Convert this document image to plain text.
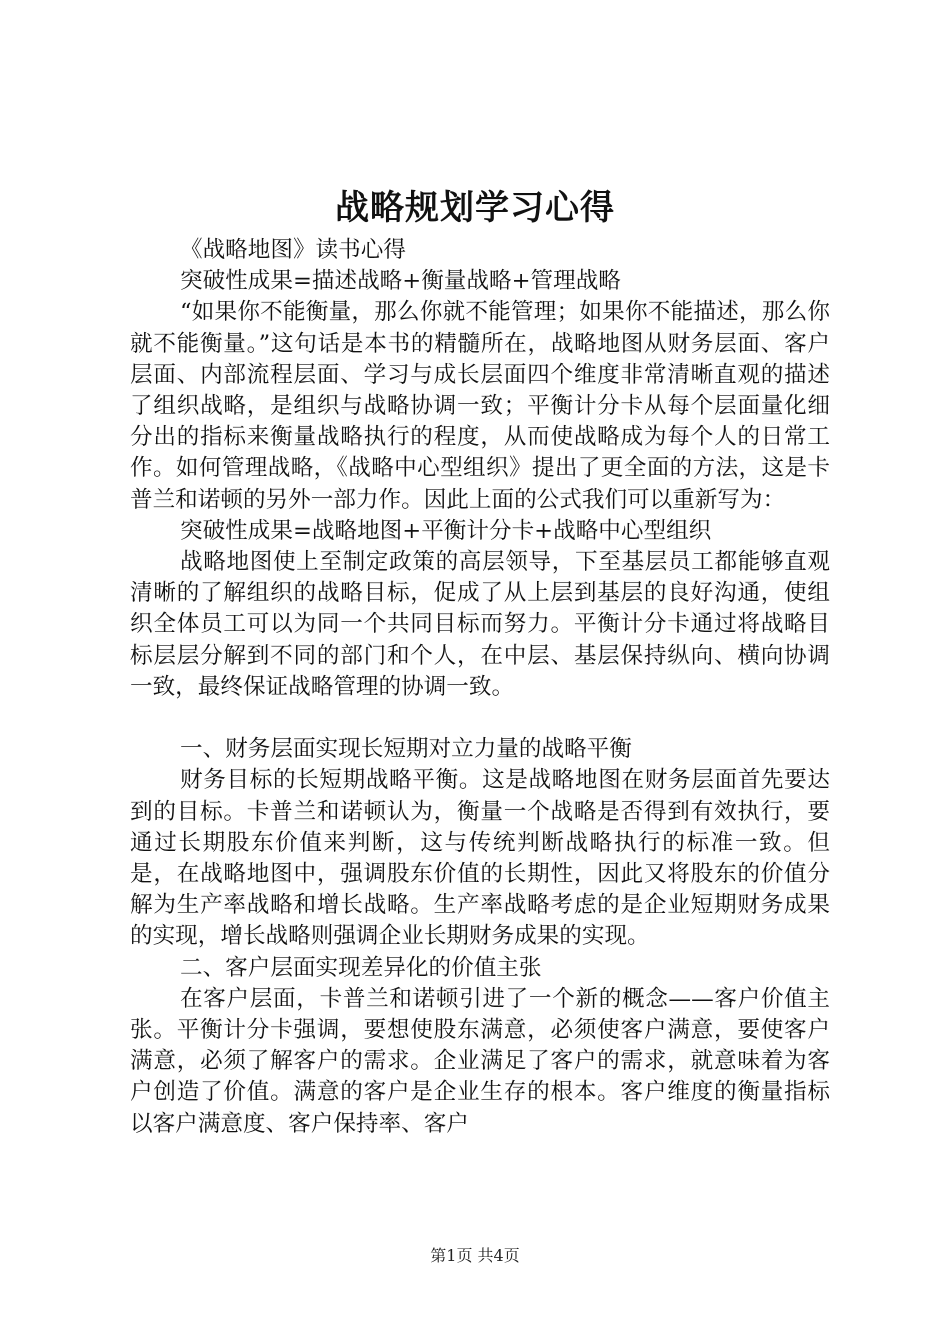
战略规划学习心得

《战略地图》读书心得

突破性成果=描述战略+衡量战略+管理战略

“如果你不能衡量，那么你就不能管理；如果你不能描述，那么你就不能衡量。”这句话是本书的精髓所在，战略地图从财务层面、客户层面、内部流程层面、学习与成长层面四个维度非常清晰直观的描述了组织战略，是组织与战略协调一致；平衡计分卡从每个层面量化细分出的指标来衡量战略执行的程度，从而使战略成为每个人的日常工作。如何管理战略，《战略中心型组织》提出了更全面的方法，这是卡普兰和诺顿的另外一部力作。因此上面的公式我们可以重新写为：

突破性成果=战略地图+平衡计分卡+战略中心型组织

战略地图使上至制定政策的高层领导，下至基层员工都能够直观清晰的了解组织的战略目标，促成了从上层到基层的良好沟通，使组织全体员工可以为同一个共同目标而努力。平衡计分卡通过将战略目标层层分解到不同的部门和个人，在中层、基层保持纵向、横向协调一致，最终保证战略管理的协调一致。

一、财务层面实现长短期对立力量的战略平衡

财务目标的长短期战略平衡。这是战略地图在财务层面首先要达到的目标。卡普兰和诺顿认为，衡量一个战略是否得到有效执行，要通过长期股东价值来判断，这与传统判断战略执行的标准一致。但是，在战略地图中，强调股东价值的长期性，因此又将股东的价值分解为生产率战略和增长战略。生产率战略考虑的是企业短期财务成果的实现，增长战略则强调企业长期财务成果的实现。

二、客户层面实现差异化的价值主张

在客户层面，卡普兰和诺顿引进了一个新的概念——客户价值主张。平衡计分卡强调，要想使股东满意，必须使客户满意，要使客户满意，必须了解客户的需求。企业满足了客户的需求，就意味着为客户创造了价值。满意的客户是企业生存的根本。客户维度的衡量指标以客户满意度、客户保持率、客户

第1页 共4页
